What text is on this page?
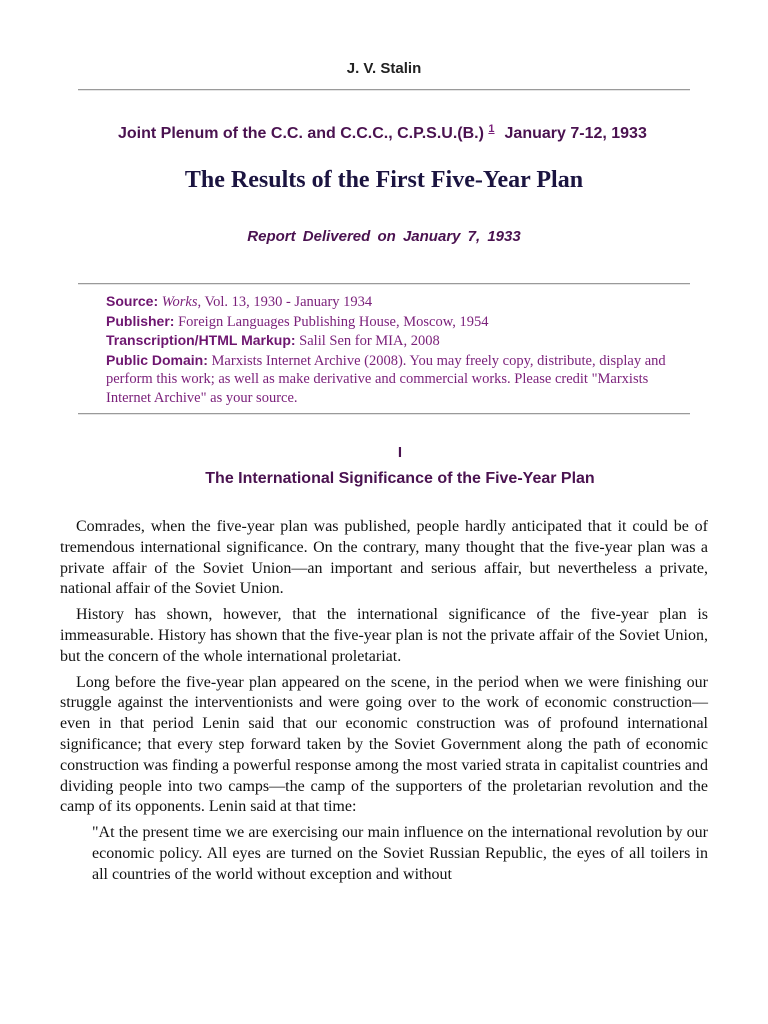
J. V. Stalin
Joint Plenum of the C.C. and C.C.C., C.P.S.U.(B.) $^1$ January 7-12, 1933
The Results of the First Five-Year Plan
Report Delivered on January 7, 1933
Source: Works, Vol. 13, 1930 - January 1934
Publisher: Foreign Languages Publishing House, Moscow, 1954
Transcription/HTML Markup: Salil Sen for MIA, 2008
Public Domain: Marxists Internet Archive (2008). You may freely copy, distribute, display and perform this work; as well as make derivative and commercial works. Please credit "Marxists Internet Archive" as your source.
I
The International Significance of the Five-Year Plan

Comrades, when the five-year plan was published, people hardly anticipated that it could be of tremendous international significance. On the contrary, many thought that the five-year plan was a private affair of the Soviet Union—an important and serious affair, but nevertheless a private, national affair of the Soviet Union.

History has shown, however, that the international significance of the five-year plan is immeasurable. History has shown that the five-year plan is not the private affair of the Soviet Union, but the concern of the whole international proletariat.

Long before the five-year plan appeared on the scene, in the period when we were finishing our struggle against the interventionists and were going over to the work of economic construction—even in that period Lenin said that our economic construction was of profound international significance; that every step forward taken by the Soviet Government along the path of economic construction was finding a powerful response among the most varied strata in capitalist countries and dividing people into two camps—the camp of the supporters of the proletarian revolution and the camp of its opponents. Lenin said at that time:

"At the present time we are exercising our main influence on the international revolution by our economic policy. All eyes are turned on the Soviet Russian Republic, the eyes of all toilers in all countries of the world without exception and without
